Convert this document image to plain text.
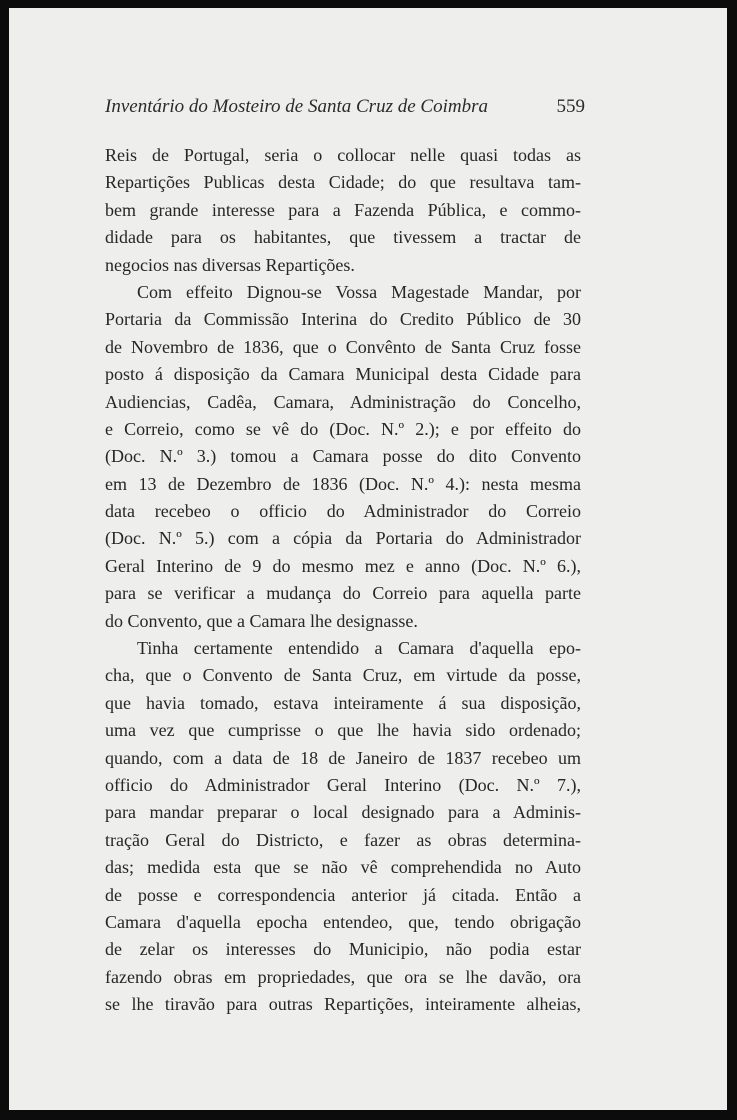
Inventário do Mosteiro de Santa Cruz de Coimbra	559
Reis de Portugal, seria o collocar nelle quasi todas as
Repartições Publicas desta Cidade; do que resultava tam-
bem grande interesse para a Fazenda Pública, e commo-
didade para os habitantes, que tivessem a tractar de
negocios nas diversas Repartições.
Com effeito Dignou-se Vossa Magestade Mandar, por
Portaria da Commissão Interina do Credito Público de 30
de Novembro de 1836, que o Convênto de Santa Cruz fosse
posto á disposição da Camara Municipal desta Cidade para
Audiencias, Cadêa, Camara, Administração do Concelho,
e Correio, como se vê do (Doc. N.º 2.); e por effeito do
(Doc. N.º 3.) tomou a Camara posse do dito Convento
em 13 de Dezembro de 1836 (Doc. N.º 4.): nesta mesma
data recebeo o officio do Administrador do Correio
(Doc. N.º 5.) com a cópia da Portaria do Administrador
Geral Interino de 9 do mesmo mez e anno (Doc. N.º 6.),
para se verificar a mudança do Correio para aquella parte
do Convento, que a Camara lhe designasse.
Tinha certamente entendido a Camara d'aquella epo-
cha, que o Convento de Santa Cruz, em virtude da posse,
que havia tomado, estava inteiramente á sua disposição,
uma vez que cumprisse o que lhe havia sido ordenado;
quando, com a data de 18 de Janeiro de 1837 recebeo um
officio do Administrador Geral Interino (Doc. N.º 7.),
para mandar preparar o local designado para a Adminis-
tração Geral do Districto, e fazer as obras determina-
das; medida esta que se não vê comprehendida no Auto
de posse e correspondencia anterior já citada. Então a
Camara d'aquella epocha entendeo, que, tendo obrigação
de zelar os interesses do Municipio, não podia estar
fazendo obras em propriedades, que ora se lhe davão, ora
se lhe tiravão para outras Repartições, inteiramente alheias,
